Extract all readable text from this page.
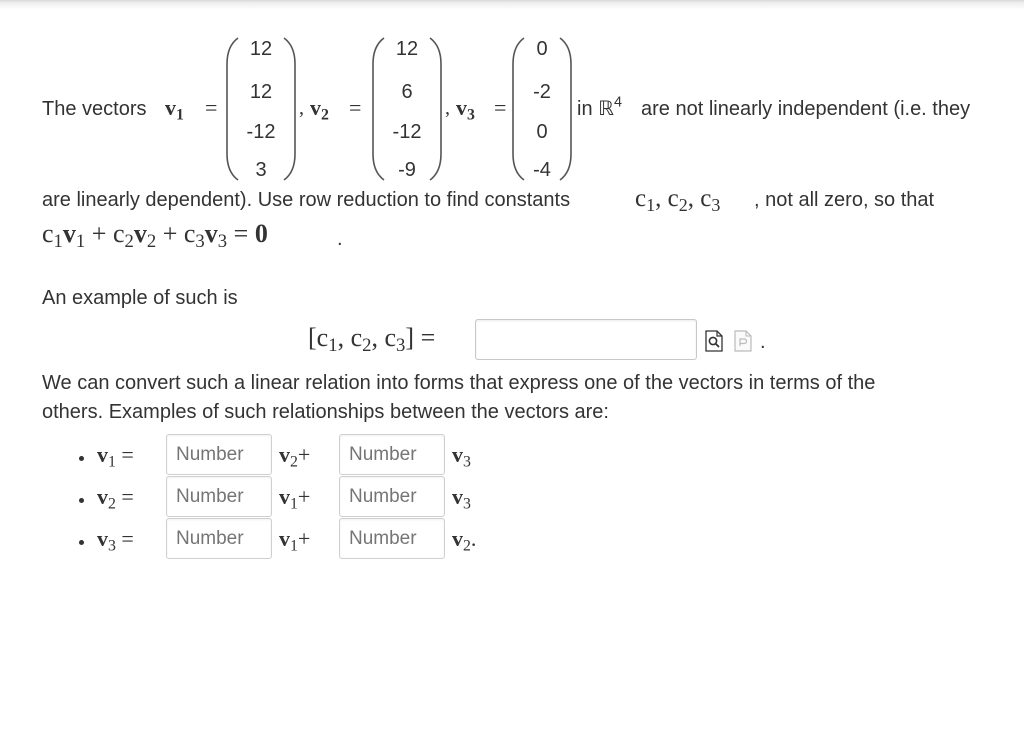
The vectors $v_1$ =
12
12
-12
3
, $v_2$ =
12
6
-12
-9
, $v_3$ =
0
-2
0
-4
in ℝ$^4$ are not linearly independent (i.e. they
are linearly dependent). Use row reduction to find constants	$c_1$, $c_2$, $c_3$ , not all zero, so that
$c_1v_1 + c_2v_2 + c_3v_3 = 0$	.
An example of such is
[$c_1$, $c_2$, $c_3$] =	.
We can convert such a linear relation into forms that express one of the vectors in terms of the
others. Examples of such relationships between the vectors are:
$v_1$ =
Number	$v_2+$
Number	$v_3$
$v_2$ =
Number	$v_1+$
Number	$v_3$
$v_3$ =
Number	$v_1+$
Number	$v_2$.
